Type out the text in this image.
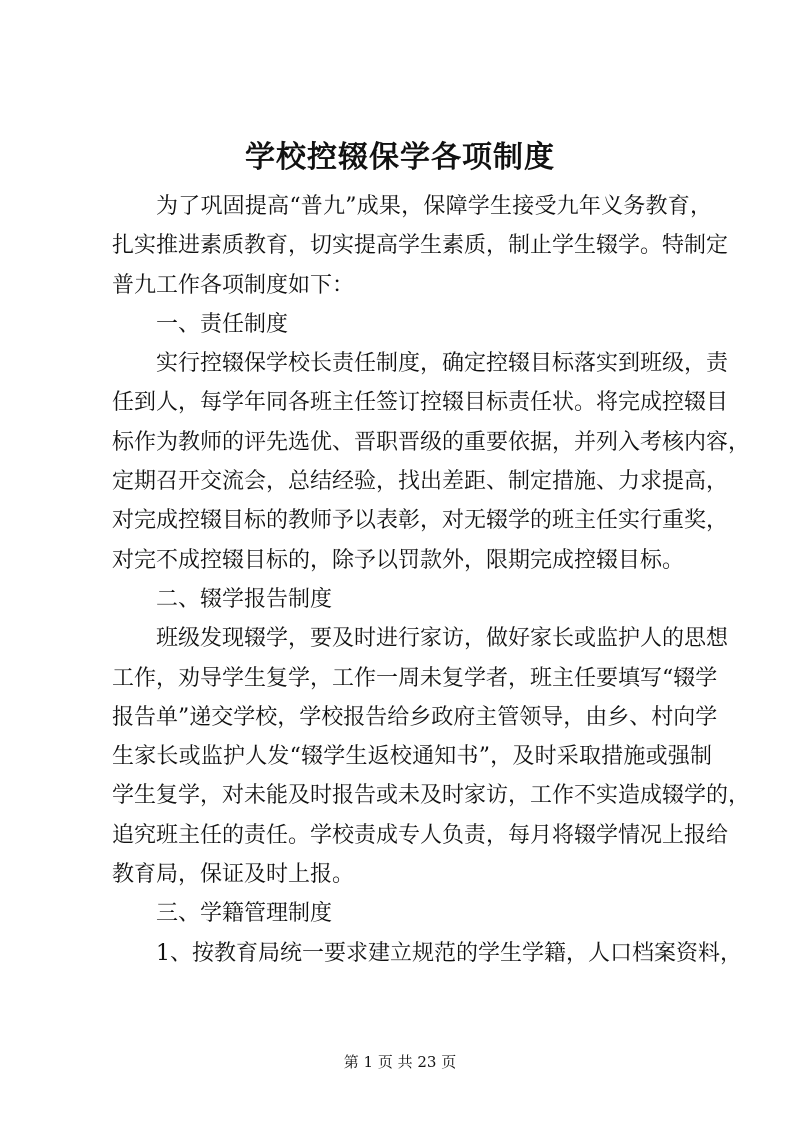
学校控辍保学各项制度
为了巩固提高“普九”成果，保障学生接受九年义务教育，
扎实推进素质教育，切实提高学生素质，制止学生辍学。特制定
普九工作各项制度如下：
一、责任制度
实行控辍保学校长责任制度，确定控辍目标落实到班级，责
任到人，每学年同各班主任签订控辍目标责任状。将完成控辍目
标作为教师的评先选优、晋职晋级的重要依据，并列入考核内容，
定期召开交流会，总结经验，找出差距、制定措施、力求提高，
对完成控辍目标的教师予以表彰，对无辍学的班主任实行重奖，
对完不成控辍目标的，除予以罚款外，限期完成控辍目标。
二、辍学报告制度
班级发现辍学，要及时进行家访，做好家长或监护人的思想
工作，劝导学生复学，工作一周未复学者，班主任要填写“辍学
报告单”递交学校，学校报告给乡政府主管领导，由乡、村向学
生家长或监护人发“辍学生返校通知书”，及时采取措施或强制
学生复学，对未能及时报告或未及时家访，工作不实造成辍学的，
追究班主任的责任。学校责成专人负责，每月将辍学情况上报给
教育局，保证及时上报。
三、学籍管理制度
1、按教育局统一要求建立规范的学生学籍，人口档案资料，
第 1 页 共 23 页
